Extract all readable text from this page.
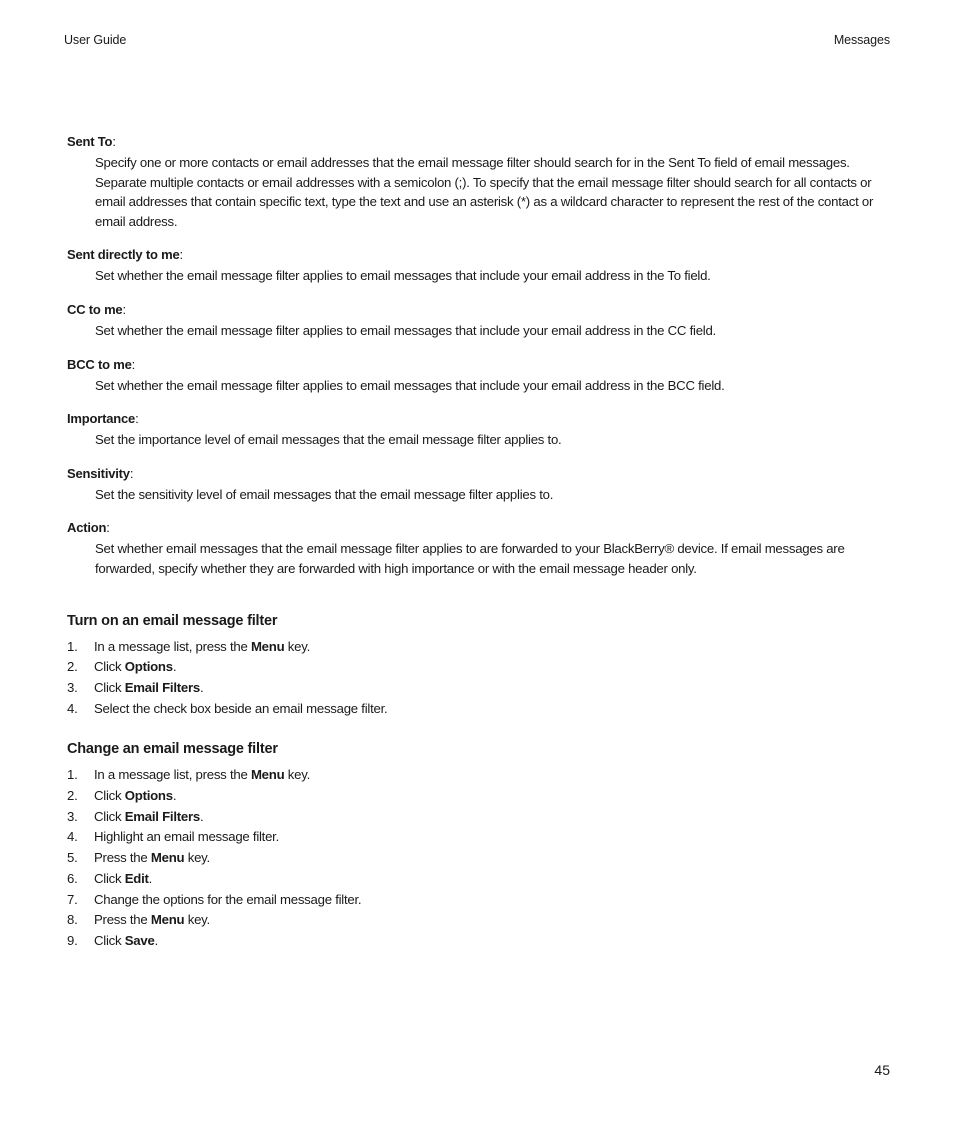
User Guide	Messages
Sent To:
Specify one or more contacts or email addresses that the email message filter should search for in the Sent To field of email messages. Separate multiple contacts or email addresses with a semicolon (;). To specify that the email message filter should search for all contacts or email addresses that contain specific text, type the text and use an asterisk (*) as a wildcard character to represent the rest of the contact or email address.
Sent directly to me:
Set whether the email message filter applies to email messages that include your email address in the To field.
CC to me:
Set whether the email message filter applies to email messages that include your email address in the CC field.
BCC to me:
Set whether the email message filter applies to email messages that include your email address in the BCC field.
Importance:
Set the importance level of email messages that the email message filter applies to.
Sensitivity:
Set the sensitivity level of email messages that the email message filter applies to.
Action:
Set whether email messages that the email message filter applies to are forwarded to your BlackBerry® device. If email messages are forwarded, specify whether they are forwarded with high importance or with the email message header only.
Turn on an email message filter
1. In a message list, press the Menu key.
2. Click Options.
3. Click Email Filters.
4. Select the check box beside an email message filter.
Change an email message filter
1. In a message list, press the Menu key.
2. Click Options.
3. Click Email Filters.
4. Highlight an email message filter.
5. Press the Menu key.
6. Click Edit.
7. Change the options for the email message filter.
8. Press the Menu key.
9. Click Save.
45
